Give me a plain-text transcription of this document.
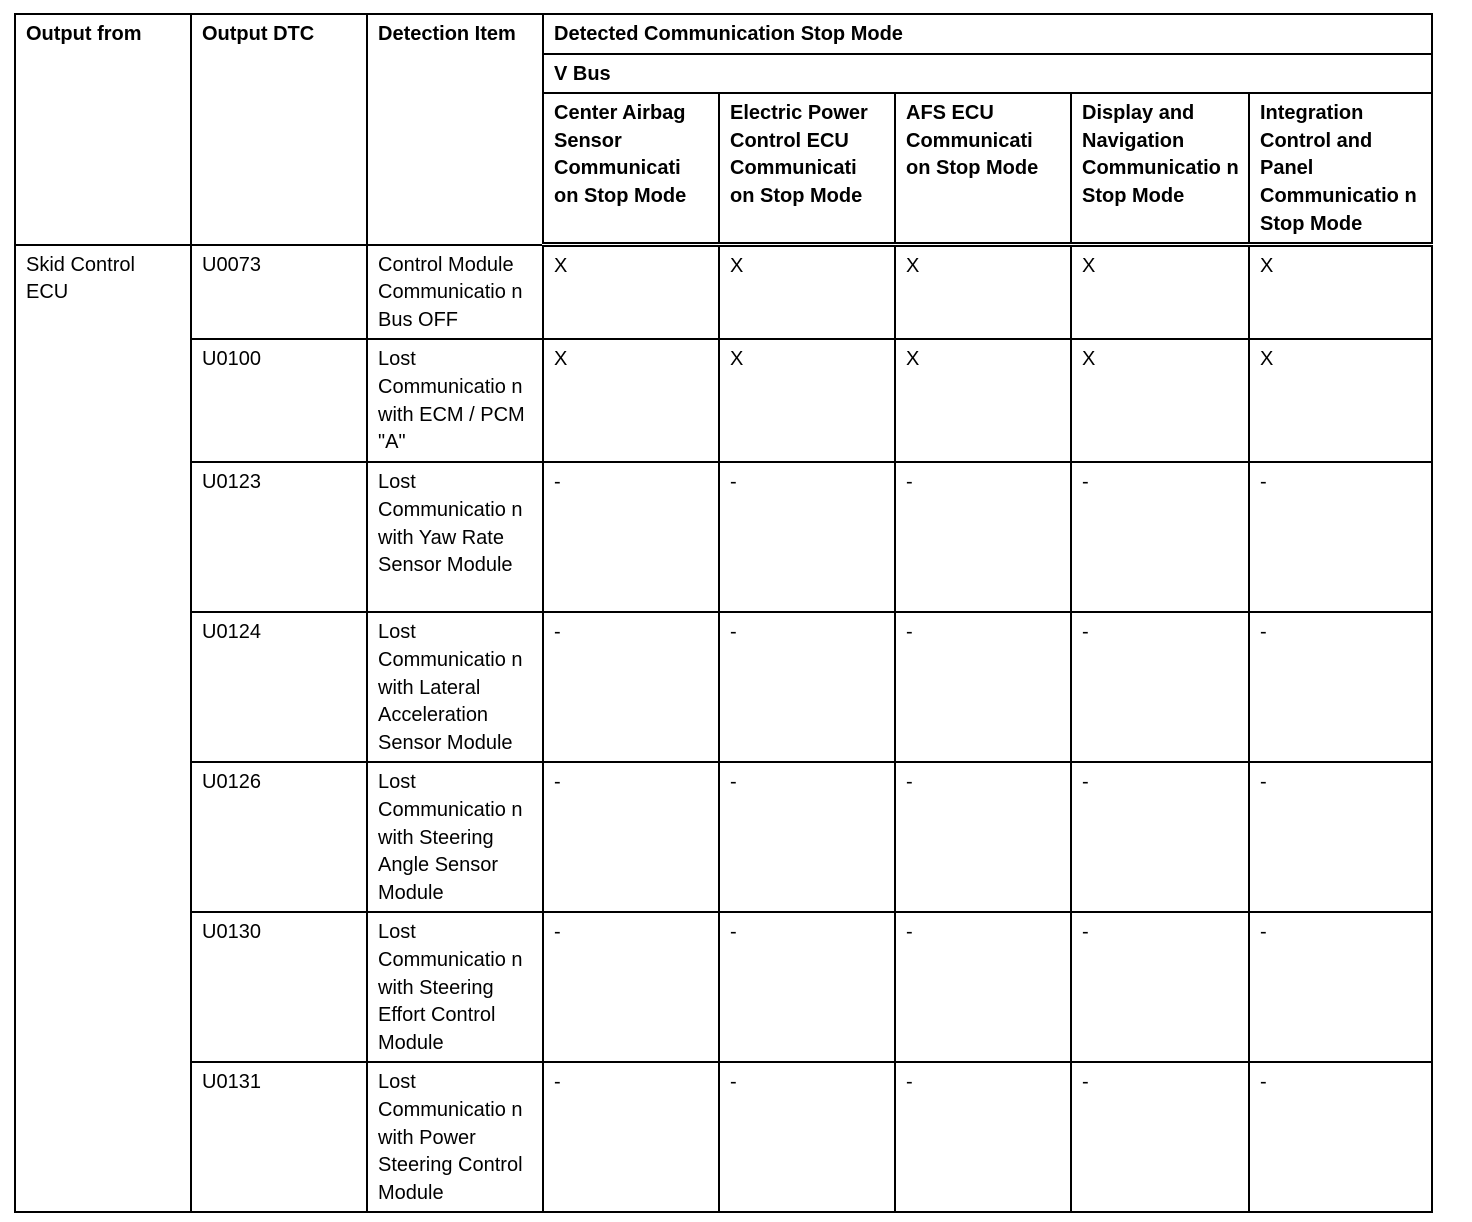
Output from	Output DTC	Detection Item	Detected Communication Stop Mode				
			V Bus				
			Center Airbag Sensor Communicati on Stop Mode	Electric Power Control ECU Communicati on Stop Mode	AFS ECU Communicati on Stop Mode	Display and Navigation Communicatio n Stop Mode	Integration Control and Panel Communicatio n Stop Mode
Skid Control ECU	U0073	Control Module Communicatio n Bus OFF	X	X	X	X	X
	U0100	Lost Communicatio n with ECM / PCM "A"	X	X	X	X	X
	U0123	Lost Communicatio n with Yaw Rate Sensor Module	-	-	-	-	-
	U0124	Lost Communicatio n with Lateral Acceleration Sensor Module	-	-	-	-	-
	U0126	Lost Communicatio n with Steering Angle Sensor Module	-	-	-	-	-
	U0130	Lost Communicatio n with Steering Effort Control Module	-	-	-	-	-
	U0131	Lost Communicatio n with Power Steering Control Module	-	-	-	-	-
